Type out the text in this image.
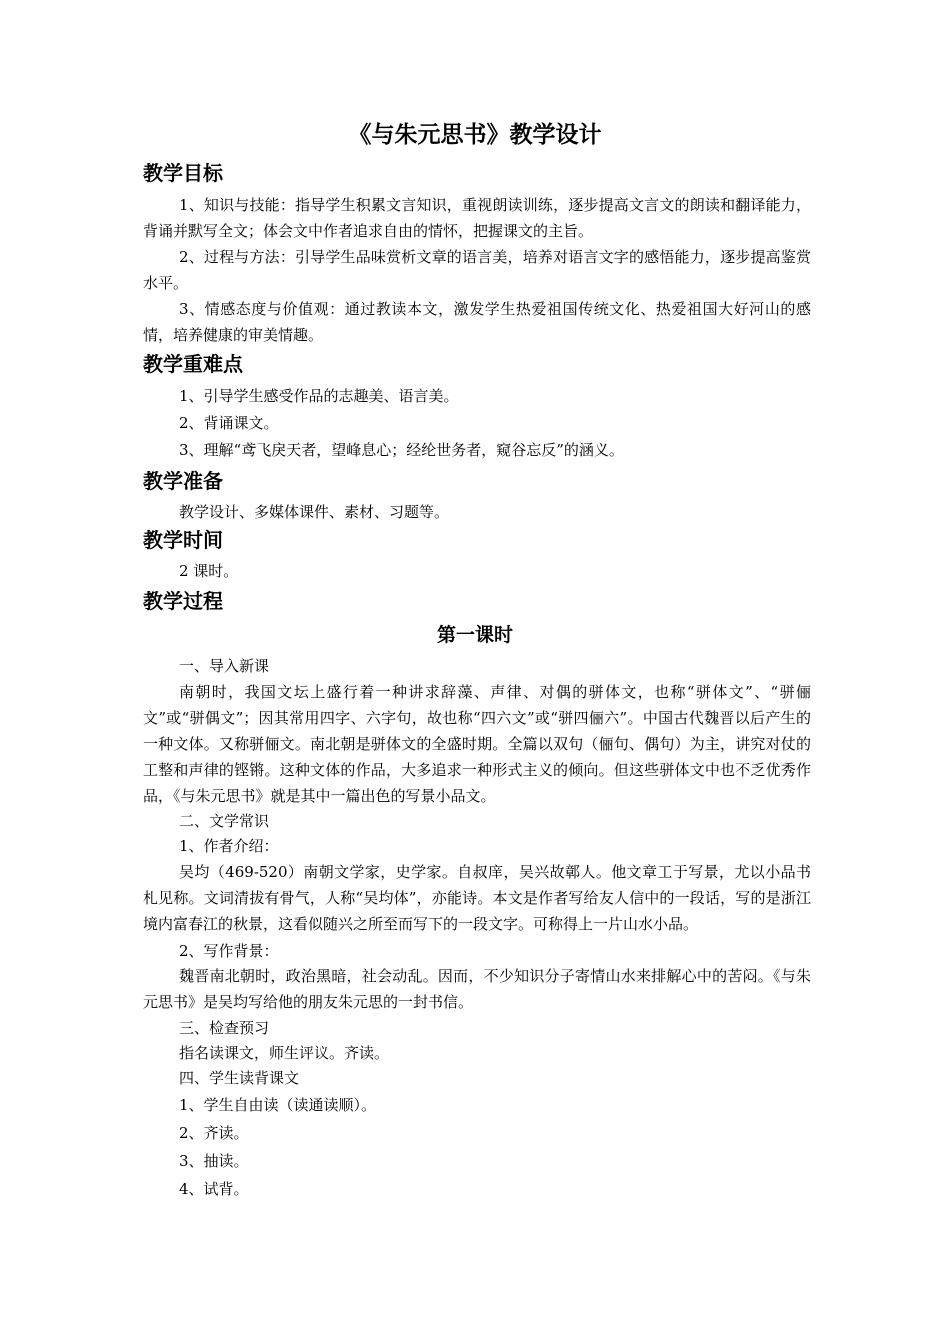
《与朱元思书》教学设计
教学目标
1、知识与技能：指导学生积累文言知识，重视朗读训练，逐步提高文言文的朗读和翻译能力，背诵并默写全文；体会文中作者追求自由的情怀，把握课文的主旨。
2、过程与方法：引导学生品味赏析文章的语言美，培养对语言文字的感悟能力，逐步提高鉴赏水平。
3、情感态度与价值观：通过教读本文，激发学生热爱祖国传统文化、热爱祖国大好河山的感情，培养健康的审美情趣。
教学重难点
1、引导学生感受作品的志趣美、语言美。
2、背诵课文。
3、理解“鸢飞戾天者，望峰息心；经纶世务者，窥谷忘反”的涵义。
教学准备
教学设计、多媒体课件、素材、习题等。
教学时间
2 课时。
教学过程
第一课时
一、导入新课
南朝时，我国文坛上盛行着一种讲求辞藻、声律、对偶的骈体文，也称“骈体文”、“骈俪文”或“骈偶文”；因其常用四字、六字句，故也称“四六文”或“骈四俪六”。中国古代魏晋以后产生的一种文体。又称骈俪文。南北朝是骈体文的全盛时期。全篇以双句（俪句、偶句）为主，讲究对仗的工整和声律的铿锵。这种文体的作品，大多追求一种形式主义的倾向。但这些骈体文中也不乏优秀作品，《与朱元思书》就是其中一篇出色的写景小品文。
二、文学常识
1、作者介绍：
吴均（469-520）南朝文学家，史学家。自叔庠，吴兴故鄣人。他文章工于写景，尤以小品书札见称。文词清拔有骨气，人称“吴均体”，亦能诗。本文是作者写给友人信中的一段话，写的是浙江境内富春江的秋景，这看似随兴之所至而写下的一段文字。可称得上一片山水小品。
2、写作背景：
魏晋南北朝时，政治黑暗，社会动乱。因而，不少知识分子寄情山水来排解心中的苦闷。《与朱元思书》是吴均写给他的朋友朱元思的一封书信。
三、检查预习
指名读课文，师生评议。齐读。
四、学生读背课文
1、学生自由读（读通读顺）。
2、齐读。
3、抽读。
4、试背。
